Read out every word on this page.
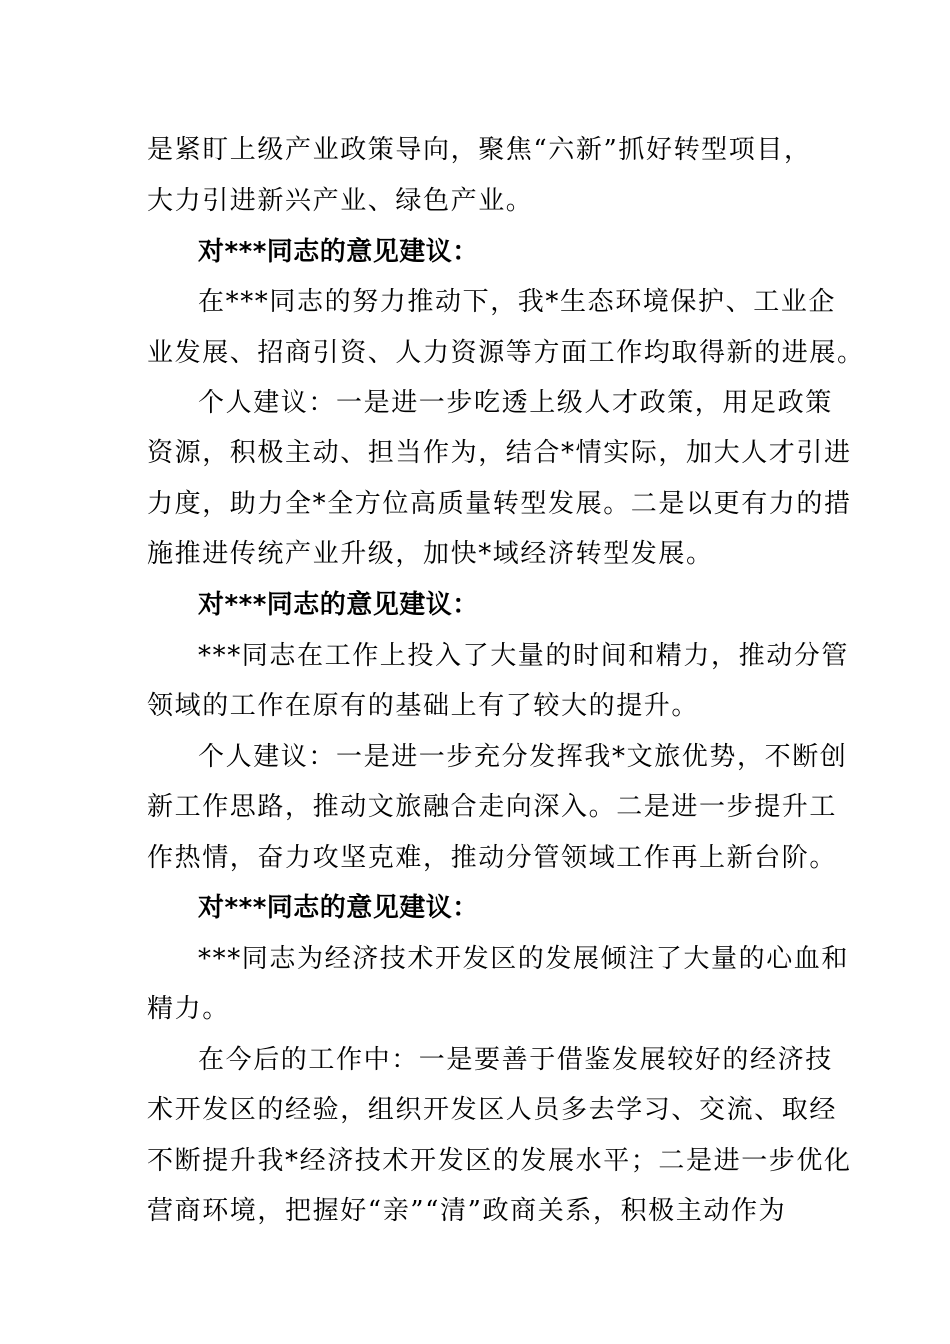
是紧盯上级产业政策导向，聚焦“六新”抓好转型项目，
大力引进新兴产业、绿色产业。
对***同志的意见建议：
在***同志的努力推动下，我*生态环境保护、工业企
业发展、招商引资、人力资源等方面工作均取得新的进展。
个人建议：一是进一步吃透上级人才政策，用足政策
资源，积极主动、担当作为，结合*情实际，加大人才引进
力度，助力全*全方位高质量转型发展。二是以更有力的措
施推进传统产业升级，加快*域经济转型发展。
对***同志的意见建议：
***同志在工作上投入了大量的时间和精力，推动分管
领域的工作在原有的基础上有了较大的提升。
个人建议：一是进一步充分发挥我*文旅优势，不断创
新工作思路，推动文旅融合走向深入。二是进一步提升工
作热情，奋力攻坚克难，推动分管领域工作再上新台阶。
对***同志的意见建议：
***同志为经济技术开发区的发展倾注了大量的心血和
精力。
在今后的工作中：一是要善于借鉴发展较好的经济技
术开发区的经验，组织开发区人员多去学习、交流、取经
不断提升我*经济技术开发区的发展水平；二是进一步优化
营商环境，把握好“亲”“清”政商关系，积极主动作为
